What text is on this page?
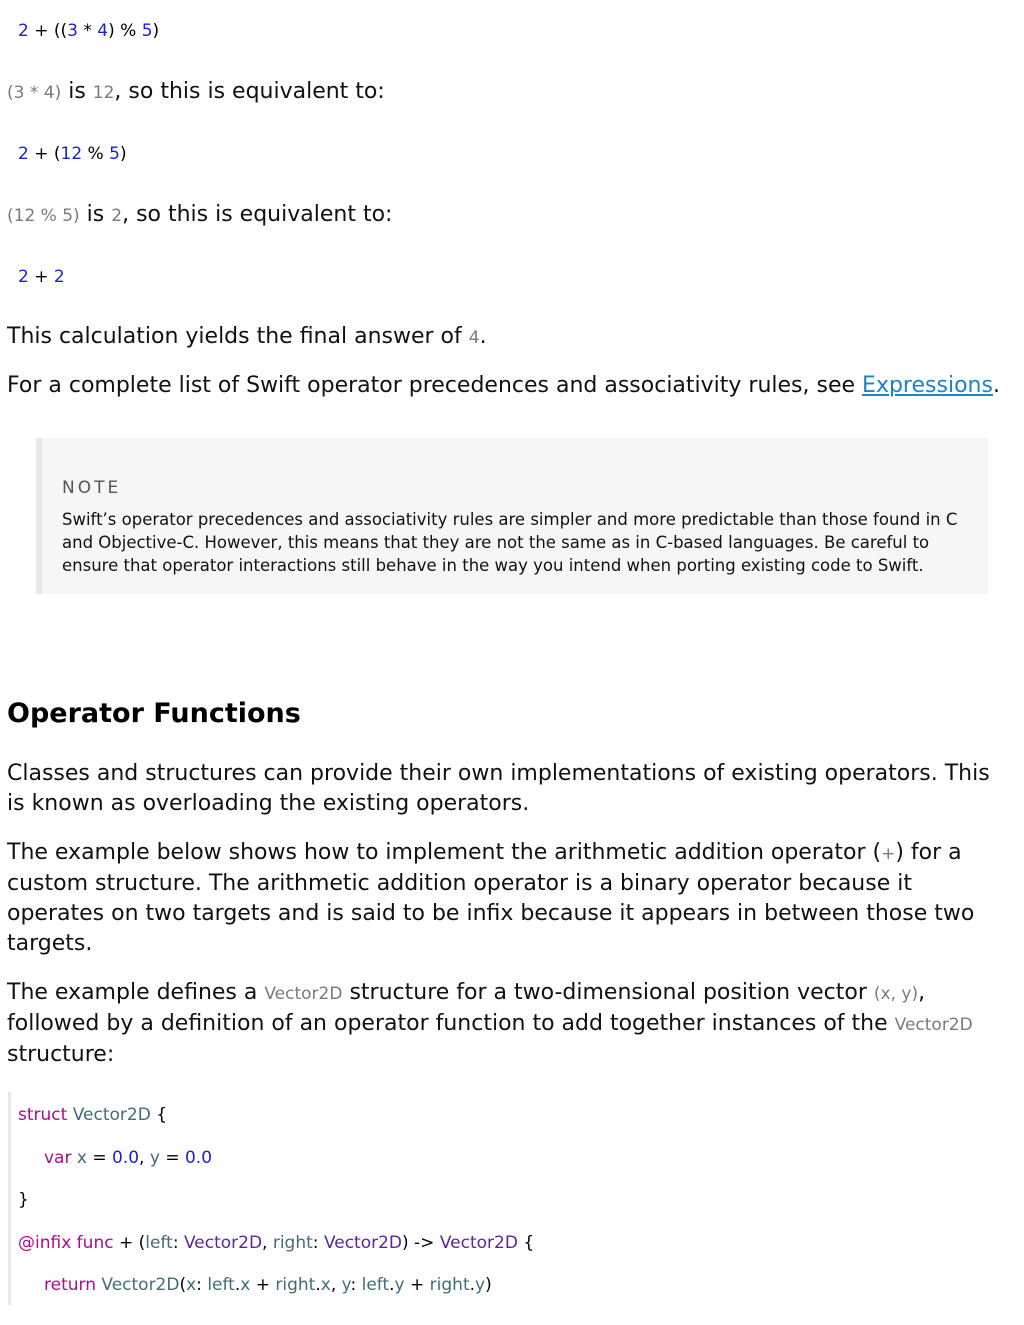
2 + ((3 * 4) % 5)
(3 * 4) is 12, so this is equivalent to:
2 + (12 % 5)
(12 % 5) is 2, so this is equivalent to:
2 + 2
This calculation yields the final answer of 4.
For a complete list of Swift operator precedences and associativity rules, see Expressions.
NOTE
Swift’s operator precedences and associativity rules are simpler and more predictable than those found in C and Objective-C. However, this means that they are not the same as in C-based languages. Be careful to ensure that operator interactions still behave in the way you intend when porting existing code to Swift.
Operator Functions
Classes and structures can provide their own implementations of existing operators. This is known as overloading the existing operators.
The example below shows how to implement the arithmetic addition operator (+) for a custom structure. The arithmetic addition operator is a binary operator because it operates on two targets and is said to be infix because it appears in between those two targets.
The example defines a Vector2D structure for a two-dimensional position vector (x, y), followed by a definition of an operator function to add together instances of the Vector2D structure:
struct Vector2D {
var x = 0.0, y = 0.0
}
@infix func + (left: Vector2D, right: Vector2D) -> Vector2D {
return Vector2D(x: left.x + right.x, y: left.y + right.y)
